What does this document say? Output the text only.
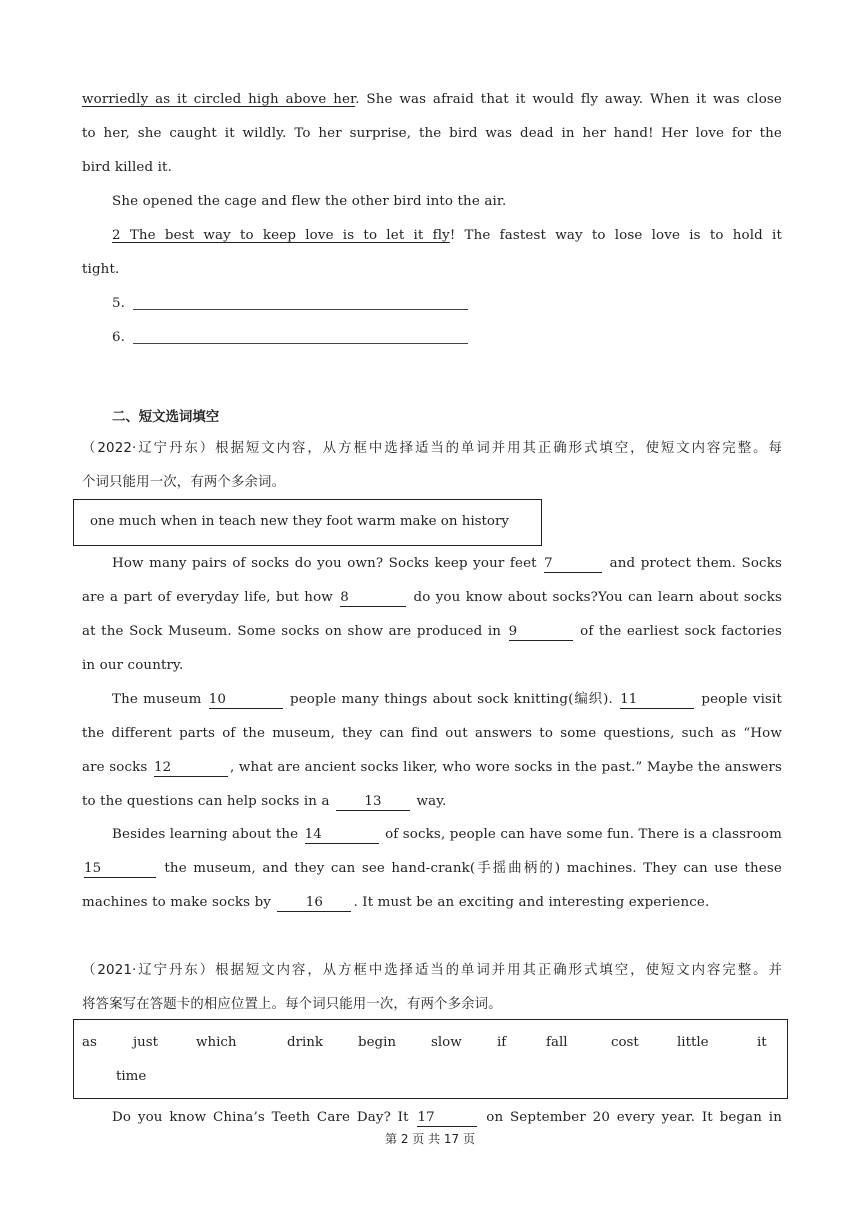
worriedly as it circled high above her. She was afraid that it would fly away. When it was close
to her, she caught it wildly. To her surprise, the bird was dead in her hand! Her love for the
bird killed it.
She opened the cage and flew the other bird into the air.
2 The best way to keep love is to let it fly! The fastest way to lose love is to hold it
tight.
5.
6.
二、短文选词填空
（2022·辽宁丹东）根据短文内容，从方框中选择适当的单词并用其正确形式填空，使短文内容完整。每
个词只能用一次，有两个多余词。
one much when in teach new they foot warm make on history
How many pairs of socks do you own? Socks keep your feet 7	and protect them. Socks
are a part of everyday life, but how 8	do you know about socks?You can learn about socks
at the Sock Museum. Some socks on show are produced in 9	of the earliest sock factories
in our country.
The museum 10	people many things about sock knitting(编织). 11	people visit
the different parts of the museum, they can find out answers to some questions, such as “How
are socks 12	, what are ancient socks liker, who wore socks in the past.” Maybe the answers
to the questions can help socks in a	13	way.
Besides learning about the 14	of socks, people can have some fun. There is a classroom
15	the museum, and they can see hand-crank(手摇曲柄的) machines. They can use these
machines to make socks by	16 . It must be an exciting and interesting experience.
（2021·辽宁丹东）根据短文内容，从方框中选择适当的单词并用其正确形式填空，使短文内容完整。并
将答案写在答题卡的相应位置上。每个词只能用一次，有两个多余词。
as	just	which	drink	begin	slow	if	fall	cost	little	it
time
Do you know China’s Teeth Care Day? It 17	on September 20 every year. It began in
第 2 页 共 17 页
